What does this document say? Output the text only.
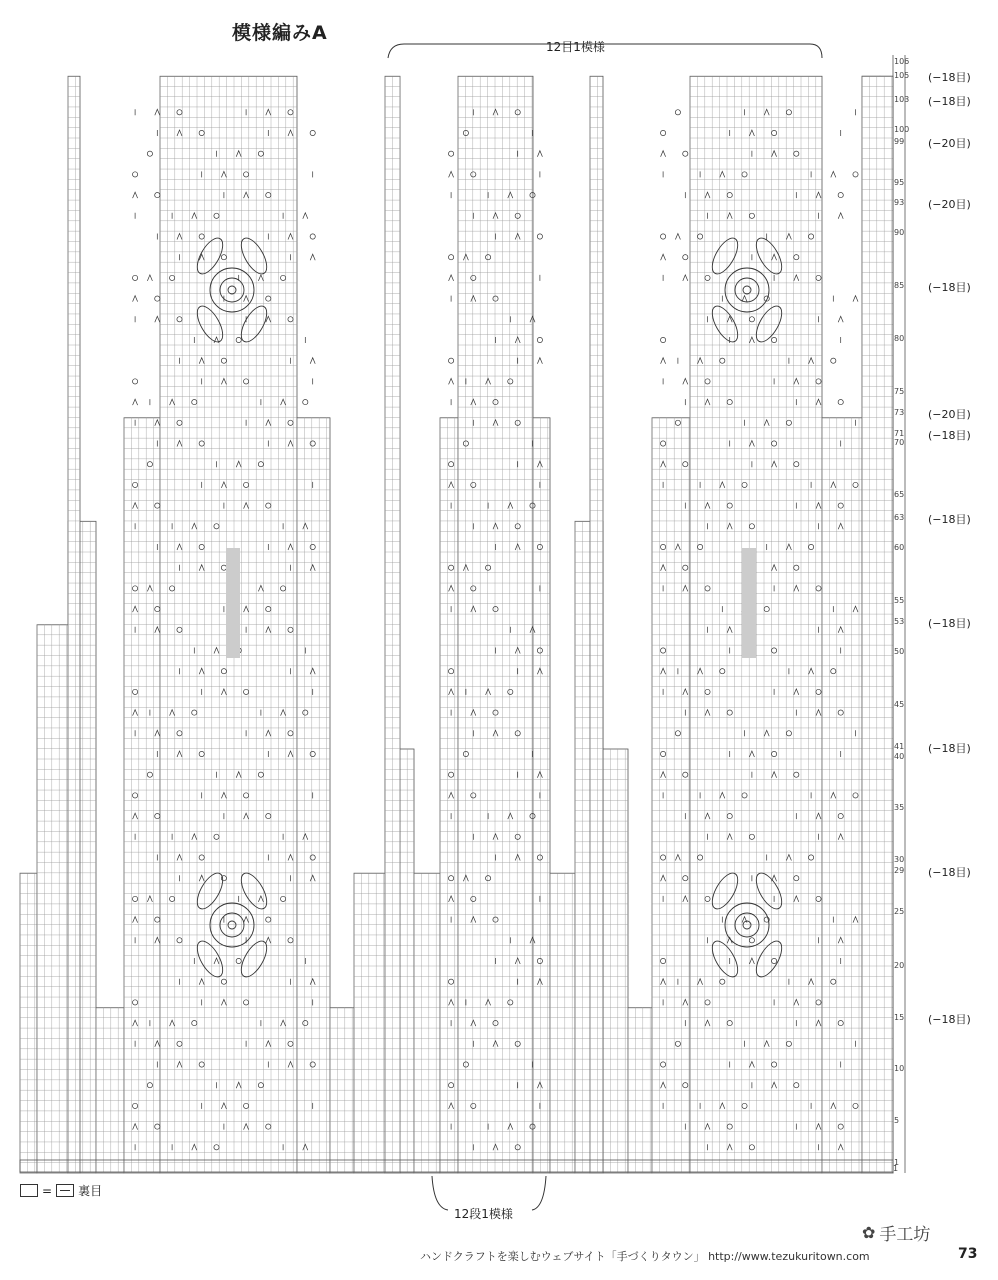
模様編みA
12目1模様
12段1模様
= 裏目
(−18目)
(−18目)
(−20目)
(−20目)
(−18目)
(−20目)
(−18目)
(−18目)
(−18目)
(−18目)
(−18目)
(−18目)
106
105
103
100
99
95
93
90
85
80
75
73
71
70
65
63
60
55
53
50
45
41
40
35
30
29
25
20
15
10
5
1
1
ハンドクラフトを楽しむウェブサイト「手づくりタウン」 http://www.tezukuritown.com
✿ 手工坊
73
